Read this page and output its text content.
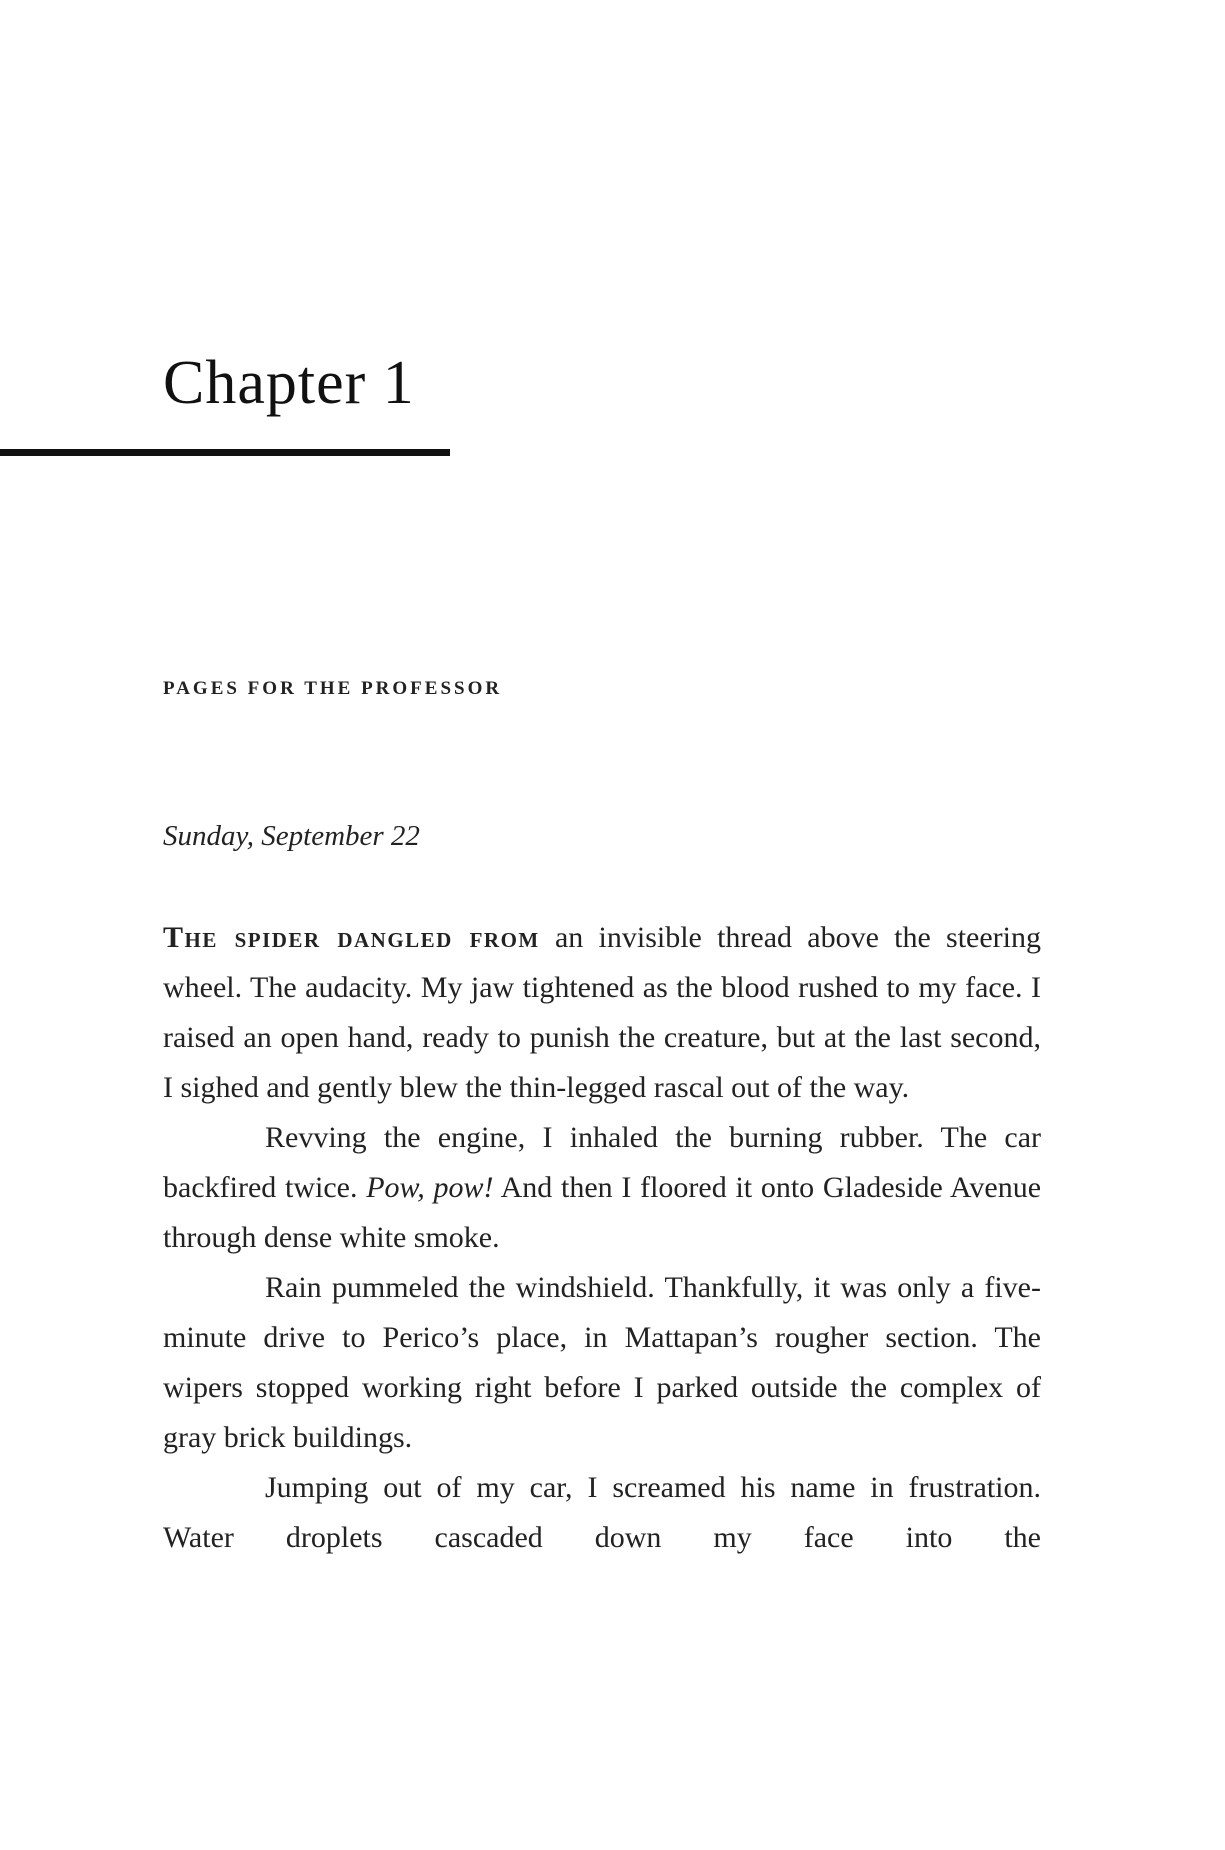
Chapter 1
PAGES FOR THE PROFESSOR

Sunday, September 22

The spider dangled from an invisible thread above the steering wheel. The audacity. My jaw tightened as the blood rushed to my face. I raised an open hand, ready to punish the creature, but at the last second, I sighed and gently blew the thin-legged rascal out of the way.

Revving the engine, I inhaled the burning rubber. The car backfired twice. Pow, pow! And then I floored it onto Gladeside Avenue through dense white smoke.

Rain pummeled the windshield. Thankfully, it was only a five-minute drive to Perico’s place, in Mattapan’s rougher section. The wipers stopped working right before I parked outside the complex of gray brick buildings.

Jumping out of my car, I screamed his name in frustration. Water droplets cascaded down my face into the
